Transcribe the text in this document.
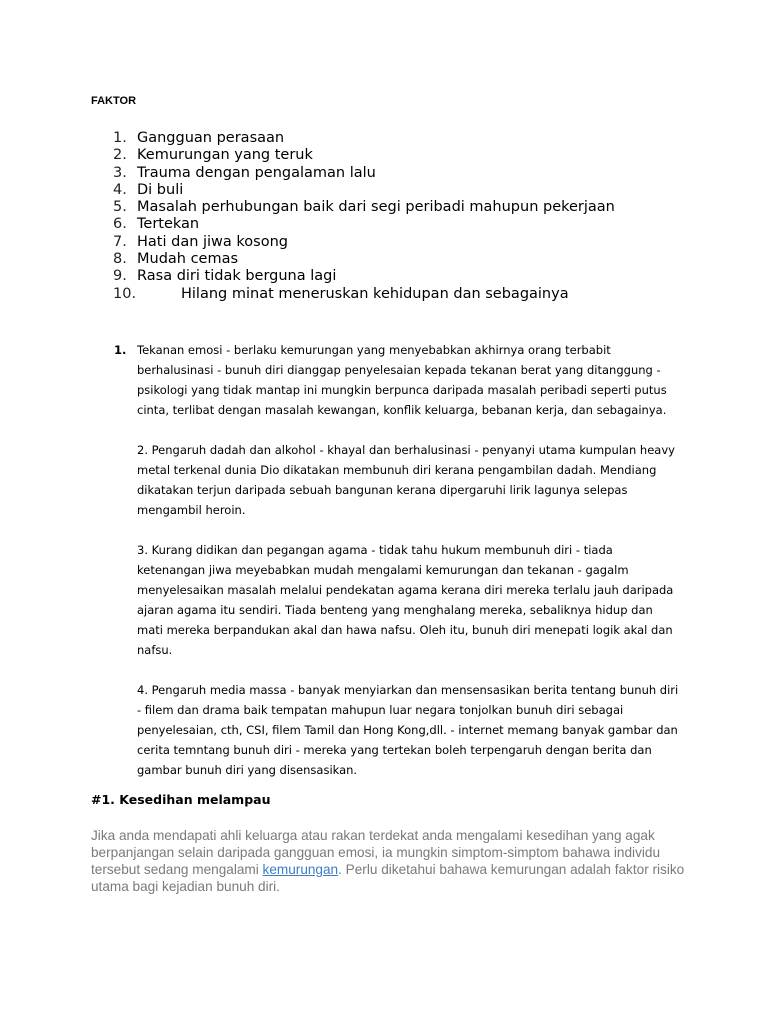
FAKTOR
1. Gangguan perasaan
2. Kemurungan yang teruk
3. Trauma dengan pengalaman lalu
4. Di buli
5. Masalah perhubungan baik dari segi peribadi mahupun pekerjaan
6. Tertekan
7. Hati dan jiwa kosong
8. Mudah cemas
9. Rasa diri tidak berguna lagi
10.	Hilang minat meneruskan kehidupan dan sebagainya

1. Tekanan emosi - berlaku kemurungan yang menyebabkan akhirnya orang terbabit berhalusinasi - bunuh diri dianggap penyelesaian kepada tekanan berat yang ditanggung - psikologi yang tidak mantap ini mungkin berpunca daripada masalah peribadi seperti putus cinta, terlibat dengan masalah kewangan, konflik keluarga, bebanan kerja, dan sebagainya.

2. Pengaruh dadah dan alkohol - khayal dan berhalusinasi - penyanyi utama kumpulan heavy metal terkenal dunia Dio dikatakan membunuh diri kerana pengambilan dadah. Mendiang dikatakan terjun daripada sebuah bangunan kerana dipergaruhi lirik lagunya selepas mengambil heroin.

3. Kurang didikan dan pegangan agama - tidak tahu hukum membunuh diri - tiada ketenangan jiwa meyebabkan mudah mengalami kemurungan dan tekanan - gagalm menyelesaikan masalah melalui pendekatan agama kerana diri mereka terlalu jauh daripada ajaran agama itu sendiri. Tiada benteng yang menghalang mereka, sebaliknya hidup dan mati mereka berpandukan akal dan hawa nafsu. Oleh itu, bunuh diri menepati logik akal dan nafsu.

4. Pengaruh media massa - banyak menyiarkan dan mensensasikan berita tentang bunuh diri - filem dan drama baik tempatan mahupun luar negara tonjolkan bunuh diri sebagai penyelesaian, cth, CSI, filem Tamil dan Hong Kong,dll. - internet memang banyak gambar dan cerita temntang bunuh diri - mereka yang tertekan boleh terpengaruh dengan berita dan gambar bunuh diri yang disensasikan.

#1. Kesedihan melampau

Jika anda mendapati ahli keluarga atau rakan terdekat anda mengalami kesedihan yang agak berpanjangan selain daripada gangguan emosi, ia mungkin simptom-simptom bahawa individu tersebut sedang mengalami kemurungan. Perlu diketahui bahawa kemurungan adalah faktor risiko utama bagi kejadian bunuh diri.
